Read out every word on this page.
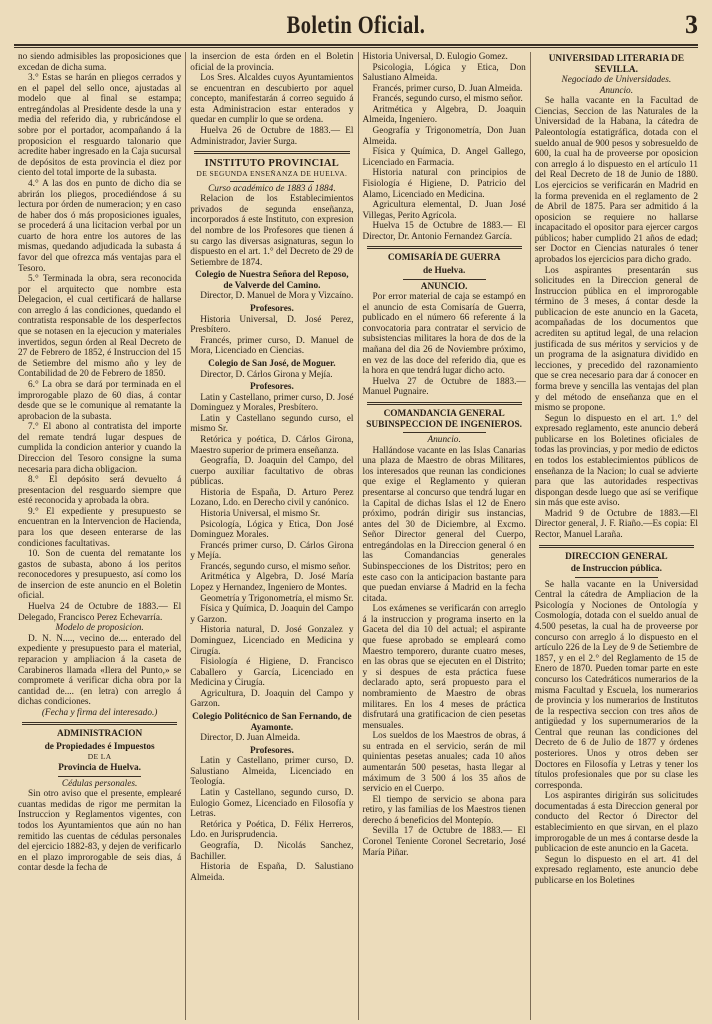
Boletin Oficial.	3

no siendo admisibles las proposiciones que excedan de dicha suma.

3.° Estas se harán en pliegos cerrados y en el papel del sello once, ajustadas al modelo que al final se estampa; entregándolas al Presidente desde la una y media del referido dia, y rubricándose el sobre por el portador, acompañando á la proposicion el resguardo talonario que acredite haber ingresado en la Caja sucursal de depósitos de esta provincia el diez por ciento del total importe de la subasta.

4.° A las dos en punto de dicho dia se abrirán los pliegos, procediéndose á su lectura por órden de numeracion; y en caso de haber dos ó más proposiciones iguales, se procederá á una licitacion verbal por un cuarto de hora entre los autores de las mismas, quedando adjudicada la subasta á favor del que ofrezca más ventajas para el Tesoro.

5.° Terminada la obra, sera reconocida por el arquitecto que nombre esta Delegacion, el cual certificará de hallarse con arreglo á las condiciones, quedando el contratista responsable de los desperfectos que se notasen en la ejecucion y materiales invertidos, segun órden al Real Decreto de 27 de Febrero de 1852, é Instruccion del 15 de Setiembre del mismo año y ley de Contabilidad de 20 de Febrero de 1850.

6.° La obra se dará por terminada en el improrogable plazo de 60 dias, á contar desde que se le comunique al rematante la aprobacion de la subasta.

7.° El abono al contratista del importe del remate tendrá lugar despues de cumplida la condicion anterior y cuando la Direccion del Tesoro consigne la suma necesaria para dicha obligacion.

8.° El depósito será devuelto á presentacion del resguardo siempre que esté reconocida y aprobada la obra.

9.° El expediente y presupuesto se encuentran en la Intervencion de Hacienda, para los que deseen enterarse de las condiciones facultativas.

10. Son de cuenta del rematante los gastos de subasta, abono á los peritos reconocedores y presupuesto, así como los de insercion de este anuncio en el Boletin oficial.

Huelva 24 de Octubre de 1883.— El Delegado, Francisco Perez Echevarría.

Modelo de proposicion.

D. N. N...., vecino de.... enterado del expediente y presupuesto para el material, reparacion y ampliacion á la caseta de Carabineros llamada «Ilera del Punto,» se compromete á verificar dicha obra por la cantidad de.... (en letra) con arreglo á dichas condiciones.

(Fecha y firma del interesado.)

ADMINISTRACION

de Propiedades é Impuestos

DE LA

Provincia de Huelva.

Cédulas personales.

Sin otro aviso que el presente, emplearé cuantas medidas de rigor me permitan la Instruccion y Reglamentos vigentes, con todos los Ayuntamientos que aún no han remitido las cuentas de cédulas personales del ejercicio 1882-83, y dejen de verificarlo en el plazo improrogable de seis dias, á contar desde la fecha de

la insercion de esta órden en el Boletin oficial de la provincia.

Los Sres. Alcaldes cuyos Ayuntamientos se encuentran en descubierto por aquel concepto, manifestarán á correo seguido á esta Administracion estar enterados y quedar en cumplir lo que se ordena.

Huelva 26 de Octubre de 1883.— El Administrador, Javier Surga.

INSTITUTO PROVINCIAL

DE SEGUNDA ENSEÑANZA DE HUELVA.

Curso académico de 1883 á 1884.

Relacion de los Establecimientos privados de segunda enseñanza, incorporados á este Instituto, con expresion del nombre de los Profesores que tienen á su cargo las diversas asignaturas, segun lo dispuesto en el art. 1.° del Decreto de 29 de Setiembre de 1874.

Colegio de Nuestra Señora del Reposo, de Valverde del Camino.

Director, D. Manuel de Mora y Vizcaíno.

Profesores.

Historia Universal, D. José Perez, Presbítero.

Francés, primer curso, D. Manuel de Mora, Licenciado en Ciencias.

Colegio de San José, de Moguer.

Director, D. Cárlos Girona y Mejía.

Profesores.

Latin y Castellano, primer curso, D. José Dominguez y Morales, Presbítero.

Latin y Castellano segundo curso, el mismo Sr.

Retórica y poética, D. Cárlos Girona, Maestro superior de primera enseñanza.

Geografía, D. Joaquin del Campo, del cuerpo auxiliar facultativo de obras públicas.

Historia de España, D. Arturo Perez Lozano, Ldo. en Derecho civil y canónico.

Historia Universal, el mismo Sr.

Psicología, Lógica y Etica, Don José Dominguez Morales.

Francés primer curso, D. Cárlos Girona y Mejía.

Francés, segundo curso, el mismo señor.

Aritmética y Algebra, D. José María Lopez y Hernandez, Ingeniero de Montes.

Geometría y Trigonometría, el mismo Sr.

Física y Química, D. Joaquin del Campo y Garzon.

Historia natural, D. José Gonzalez y Dominguez, Licenciado en Medicina y Cirugía.

Fisiología é Higiene, D. Francisco Caballero y García, Licenciado en Medicina y Cirugía.

Agricultura, D. Joaquin del Campo y Garzon.

Colegio Politécnico de San Fernando, de Ayamonte.

Director, D. Juan Almeida.

Profesores.

Latin y Castellano, primer curso, D. Salustiano Almeida, Licenciado en Teología.

Latin y Castellano, segundo curso, D. Eulogio Gomez, Licenciado en Filosofía y Letras.

Retórica y Poética, D. Félix Herreros, Ldo. en Jurisprudencia.

Geografía, D. Nicolás Sanchez, Bachiller.

Historia de España, D. Salustiano Almeida.

Historia Universal, D. Eulogio Gomez.

Psicologia, Lógica y Etica, Don Salustiano Almeida.

Francés, primer curso, D. Juan Almeida.

Francés, segundo curso, el mismo señor.

Aritmética y Algebra, D. Joaquin Almeida, Ingeniero.

Geografía y Trigonometría, Don Juan Almeida.

Física y Química, D. Angel Gallego, Licenciado en Farmacia.

Historia natural con principios de Fisiología é Higiene, D. Patricio del Alamo, Licenciado en Medicina.

Agricultura elemental, D. Juan José Villegas, Perito Agrícola.

Huelva 15 de Octubre de 1883.— El Director, Dr. Antonio Fernandez García.

COMISARÍA DE GUERRA

de Huelva.

ANUNCIO.

Por error material de caja se estampó en el anuncio de esta Comisaría de Guerra, publicado en el número 66 referente á la convocatoria para contratar el servicio de subsistencias militares la hora de dos de la mañana del dia 26 de Noviembre próximo, en vez de las doce del referido dia, que es la hora en que tendrá lugar dicho acto.

Huelva 27 de Octubre de 1883.— Manuel Pugnaire.

COMANDANCIA GENERAL SUBINSPECCION DE INGENIEROS.

Anuncio.

Hallándose vacante en las Islas Canarias una plaza de Maestro de obras Militares, los interesados que reunan las condiciones que exige el Reglamento y quieran presentarse al concurso que tendrá lugar en la Capital de dichas Islas el 12 de Enero próximo, podrán dirigir sus instancias, antes del 30 de Diciembre, al Excmo. Señor Director general del Cuerpo, entregándolas en la Direccion general ó en las Comandancias generales Subinspecciones de los Distritos; pero en este caso con la anticipacion bastante para que puedan enviarse á Madrid en la fecha citada.

Los exámenes se verificarán con arreglo á la instruccion y programa inserto en la Gaceta del dia 10 del actual; el aspirante que fuese aprobado se empleará como Maestro temporero, durante cuatro meses, en las obras que se ejecuten en el Distrito; y si despues de esta práctica fuese declarado apto, será propuesto para el nombramiento de Maestro de obras militares. En los 4 meses de práctica disfrutará una gratificacion de cien pesetas mensuales.

Los sueldos de los Maestros de obras, á su entrada en el servicio, serán de mil quinientas pesetas anuales; cada 10 años aumentarán 500 pesetas, hasta llegar al máximum de 3 500 á los 35 años de servicio en el Cuerpo.

El tiempo de servicio se abona para retiro, y las familias de los Maestros tienen derecho á beneficios del Montepío.

Sevilla 17 de Octubre de 1883.— El Coronel Teniente Coronel Secretario, José María Piñar.

UNIVERSIDAD LITERARIA DE SEVILLA.

Negociado de Universidades.

Anuncio.

Se halla vacante en la Facultad de Ciencias, Seccion de las Naturales de la Universidad de la Habana, la cátedra de Paleontología estatigráfica, dotada con el sueldo anual de 900 pesos y sobresueldo de 600, la cual ha de proveerse por oposicion con arreglo á lo dispuesto en el artículo 11 del Real Decreto de 18 de Junio de 1880. Los ejercicios se verificarán en Madrid en la forma prevenida en el reglamento de 2 de Abril de 1875. Para ser admitido á la oposicion se requiere no hallarse incapacitado el opositor para ejercer cargos públicos; haber cumplido 21 años de edad; ser Doctor en Ciencias naturales ó tener aprobados los ejercicios para dicho grado.

Los aspirantes presentarán sus solicitudes en la Direccion general de Instruccion pública en el improrogable término de 3 meses, á contar desde la publicacion de este anuncio en la Gaceta, acompañadas de los documentos que acrediten su aptitud legal, de una relacion justificada de sus méritos y servicios y de un programa de la asignatura dividido en lecciones, y precedido del razonamiento que se crea necesario para dar á conocer en forma breve y sencilla las ventajas del plan y del método de enseñanza que en el mismo se propone.

Segun lo dispuesto en el art. 1.° del expresado reglamento, este anuncio deberá publicarse en los Boletines oficiales de todas las provincias, y por medio de edictos en todos los establecimientos públicos de enseñanza de la Nacion; lo cual se advierte para que las autoridades respectivas dispongan desde luego que así se verifique sin más que este aviso.

Madrid 9 de Octubre de 1883.—El Director general, J. F. Riaño.—Es copia: El Rector, Manuel Laraña.

DIRECCION GENERAL

de Instruccion pública.

Se halla vacante en la Universidad Central la cátedra de Ampliacion de la Psicología y Nociones de Ontología y Cosmología, dotada con el sueldo anual de 4.500 pesetas, la cual ha de proveerse por concurso con arreglo á lo dispuesto en el artículo 226 de la Ley de 9 de Setiembre de 1857, y en el 2.° del Reglamento de 15 de Enero de 1870. Pueden tomar parte en este concurso los Catedráticos numerarios de la misma Facultad y Escuela, los numerarios de provincia y los numerarios de Institutos de la respectiva seccion con tres años de antigüedad y los supernumerarios de la Central que reunan las condiciones del Decreto de 6 de Julio de 1877 y órdenes posteriores. Unos y otros deben ser Doctores en Filosofía y Letras y tener los títulos profesionales que por su clase les corresponda.

Los aspirantes dirigirán sus solicitudes documentadas á esta Direccion general por conducto del Rector ó Director del establecimiento en que sirvan, en el plazo improrogable de un mes á contarse desde la publicacion de este anuncio en la Gaceta.

Segun lo dispuesto en el art. 41 del expresado reglamento, este anuncio debe publicarse en los Boletines
